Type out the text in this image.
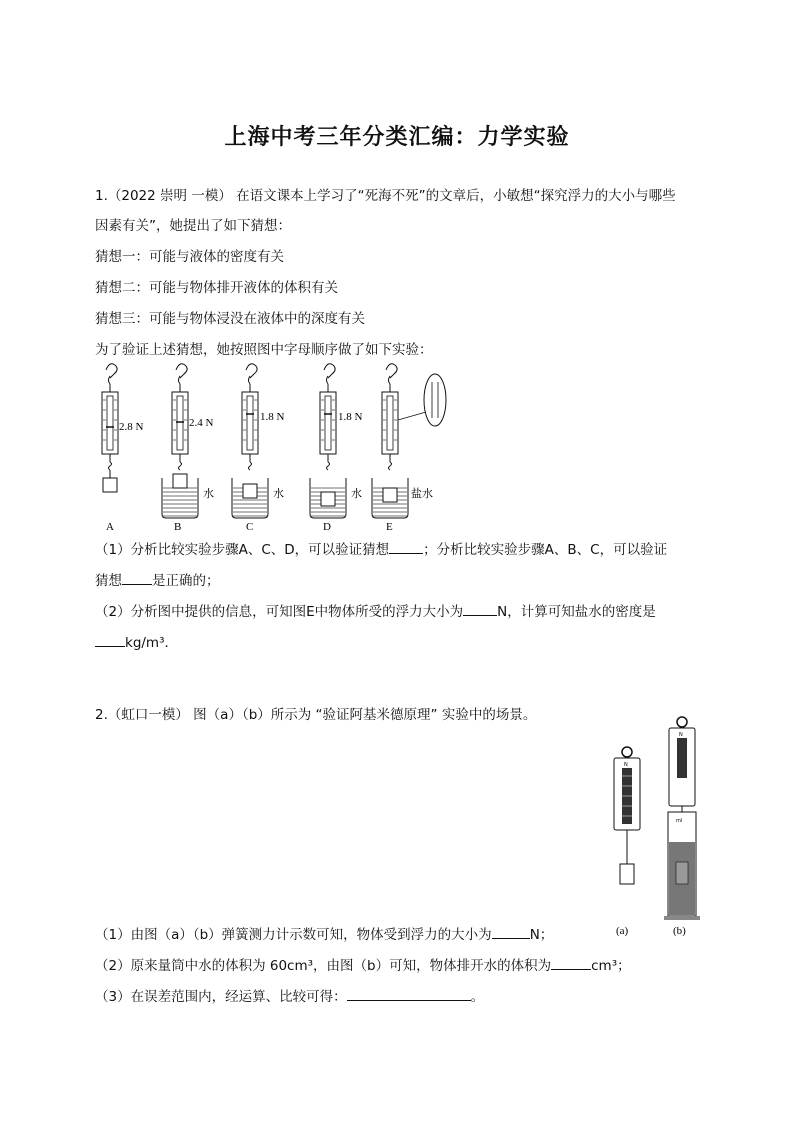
上海中考三年分类汇编：力学实验
1.（2022 崇明 一模） 在语文课本上学习了“死海不死”的文章后，小敏想“探究浮力的大小与哪些
因素有关”，她提出了如下猜想：
猜想一：可能与液体的密度有关
猜想二：可能与物体排开液体的体积有关
猜想三：可能与物体浸没在液体中的深度有关
为了验证上述猜想，她按照图中字母顺序做了如下实验：
2.8 N	2.4 N	1.8 N	1.8 N
水	水	水	盐水
A	B	C	D	E
（1）分析比较实验步骤A、C、D，可以验证猜想	；分析比较实验步骤A、B、C，可以验证
猜想 是正确的；
（2）分析图中提供的信息，可知图E中物体所受的浮力大小为	N，计算可知盐水的密度是
kg/m³．
2.（虹口一模） 图（a）（b）所示为 “验证阿基米德原理” 实验中的场景。
N
N
ml
(a)	(b)
（1）由图（a）（b）弹簧测力计示数可知，物体受到浮力的大小为	N；
（2）原来量筒中水的体积为 60cm³，由图（b）可知，物体排开水的体积为	cm³；
（3）在误差范围内，经运算、比较可得：	。
